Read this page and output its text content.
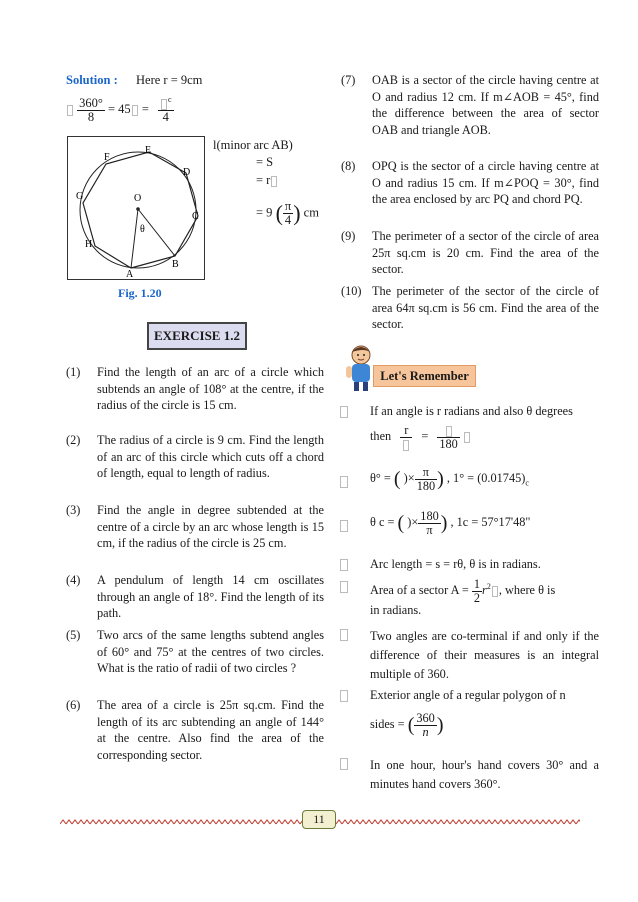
Solution : Here r = 9cm

$\frac{360^\circ}{8} = 45 = \frac{^c}{4}$
O
θ
A
B
C
D
E
F
G
H
l(minor arc AB)
= S
= r
= 9 ( $\frac{\pi}{4}$ ) cm
Fig. 1.20
EXERCISE 1.2
(1) Find the length of an arc of a circle which subtends an angle of 108° at the centre, if the radius of the circle is 15 cm.
(2) The radius of a circle is 9 cm. Find the length of an arc of this circle which cuts off a chord of length, equal to length of radius.
(3) Find the angle in degree subtended at the centre of a circle by an arc whose length is 15 cm, if the radius of the circle is 25 cm.
(4) A pendulum of length 14 cm oscillates through an angle of 18°. Find the length of its path.
(5) Two arcs of the same lengths subtend angles of 60° and 75° at the centres of two circles. What is the ratio of radii of two circles ?
(6) The area of a circle is 25π sq.cm. Find the length of its arc subtending an angle of 144° at the centre. Also find the area of the corresponding sector.
(7) OAB is a sector of the circle having centre at O and radius 12 cm. If m∠AOB = 45°, find the difference between the area of sector OAB and triangle AOB.
(8) OPQ is the sector of a circle having centre at O and radius 15 cm. If m∠POQ = 30°, find the area enclosed by arc PQ and chord PQ.
(9) The perimeter of a sector of the circle of area 25π sq.cm is 20 cm. Find the area of the sector.
(10) The perimeter of the sector of the circle of area 64π sq.cm is 56 cm. Find the area of the sector.
Let's Remember
If an angle is r radians and also θ degrees
then	r	=
180

θ° = ( )× $\frac{\pi}{180}$ ) , $1^\circ = (0.01745)_c$
θ c = ( )× $\frac{180}{\pi}$ ) , 1c = 57°17'48"
Arc length = s = rθ, θ is in radians.
Area of a sector $A = \frac{1}{2} r^2$ , where θ is
in radians.
Two angles are co-terminal if and only if the difference of their measures is an integral multiple of 360.
Exterior angle of a regular polygon of n
sides = ( $\frac{360}{n}$ )
In one hour, hour's hand covers 30° and a minutes hand covers 360°.
11
